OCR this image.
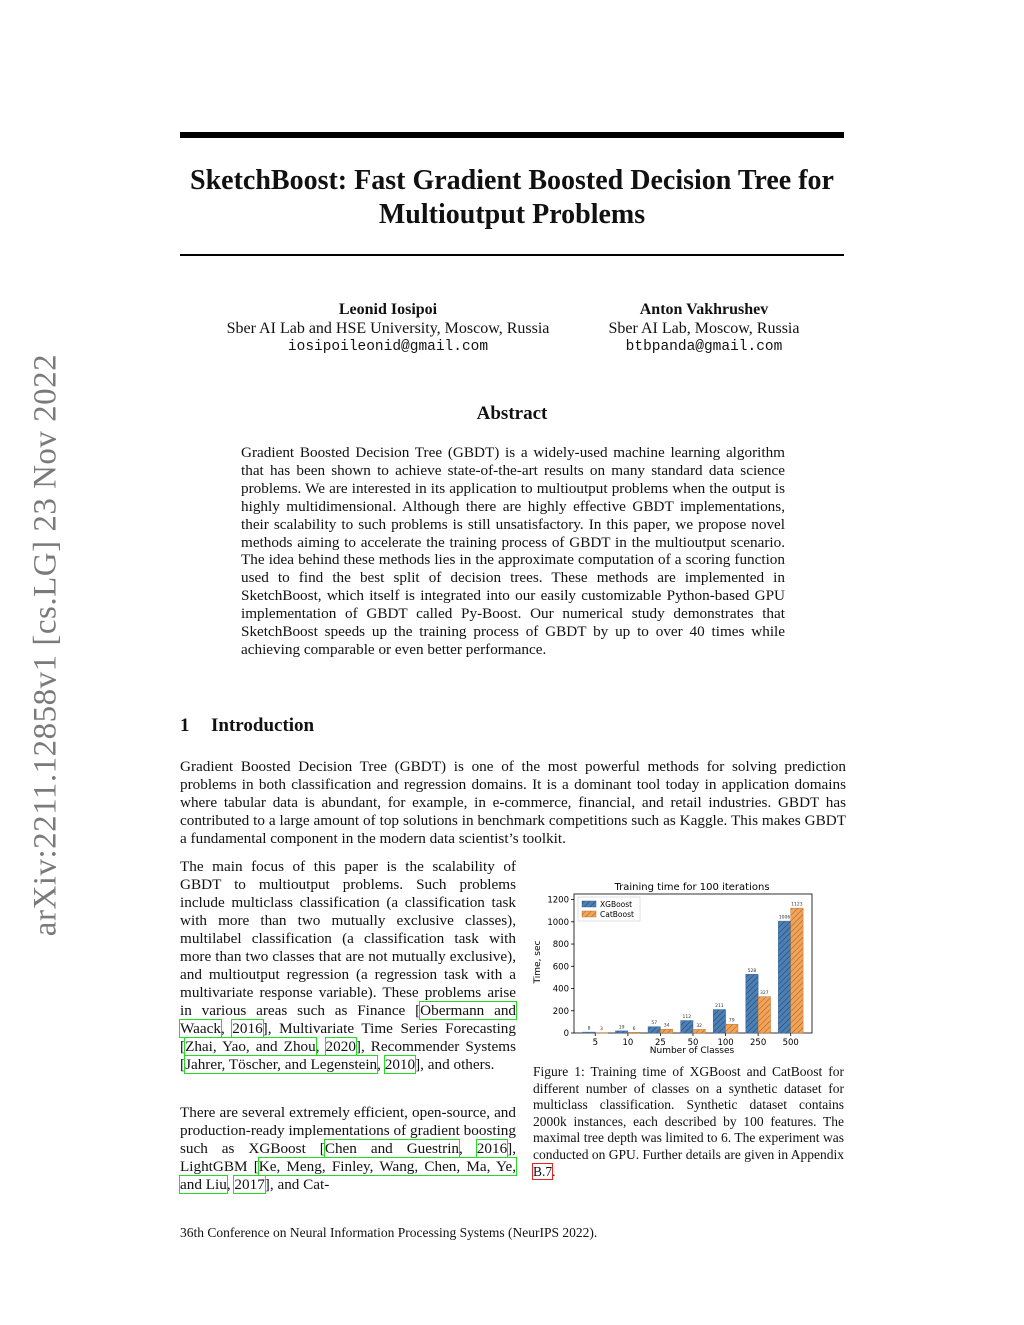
arXiv:2211.12858v1 [cs.LG] 23 Nov 2022
SketchBoost: Fast Gradient Boosted Decision Tree for Multioutput Problems
Leonid Iosipoi
Sber AI Lab and HSE University, Moscow, Russia
iosipoileonid@gmail.com
Anton Vakhrushev
Sber AI Lab, Moscow, Russia
btbpanda@gmail.com
Abstract

Gradient Boosted Decision Tree (GBDT) is a widely-used machine learning algorithm that has been shown to achieve state-of-the-art results on many standard data science problems. We are interested in its application to multioutput problems when the output is highly multidimensional. Although there are highly effective GBDT implementations, their scalability to such problems is still unsatisfactory. In this paper, we propose novel methods aiming to accelerate the training process of GBDT in the multioutput scenario. The idea behind these methods lies in the approximate computation of a scoring function used to find the best split of decision trees. These methods are implemented in SketchBoost, which itself is integrated into our easily customizable Python-based GPU implementation of GBDT called Py-Boost. Our numerical study demonstrates that SketchBoost speeds up the training process of GBDT by up to over 40 times while achieving comparable or even better performance.

1 Introduction

Gradient Boosted Decision Tree (GBDT) is one of the most powerful methods for solving prediction problems in both classification and regression domains. It is a dominant tool today in application domains where tabular data is abundant, for example, in e-commerce, financial, and retail industries. GBDT has contributed to a large amount of top solutions in benchmark competitions such as Kaggle. This makes GBDT a fundamental component in the modern data scientist’s toolkit.

The main focus of this paper is the scalability of GBDT to multioutput problems. Such problems include multiclass classification (a classification task with more than two mutually exclusive classes), multilabel classification (a classification task with more than two classes that are not mutually exclusive), and multioutput regression (a regression task with a multivariate response variable). These problems arise in various areas such as Finance [Obermann and Waack, 2016], Multivariate Time Series Forecasting [Zhai, Yao, and Zhou, 2020], Recommender Systems [Jahrer, Töscher, and Legenstein, 2010], and others.

There are several extremely efficient, open-source, and production-ready implementations of gradient boosting such as XGBoost [Chen and Guestrin, 2016], LightGBM [Ke, Meng, Finley, Wang, Chen, Ma, Ye, and Liu, 2017], and Cat-

Training time for 100 iterations
Time, sec
Number of Classes
0
200
400
600
800
1000
1200
5
8 3
10
19 6
25
57
34
50
112
32
100
211
79
250
528
327
500
1006
1123
XGBoost
CatBoost

Figure 1: Training time of XGBoost and CatBoost for different number of classes on a synthetic dataset for multiclass classification. Synthetic dataset contains 2000k instances, each described by 100 features. The maximal tree depth was limited to 6. The experiment was conducted on GPU. Further details are given in Appendix B.7.

36th Conference on Neural Information Processing Systems (NeurIPS 2022).
